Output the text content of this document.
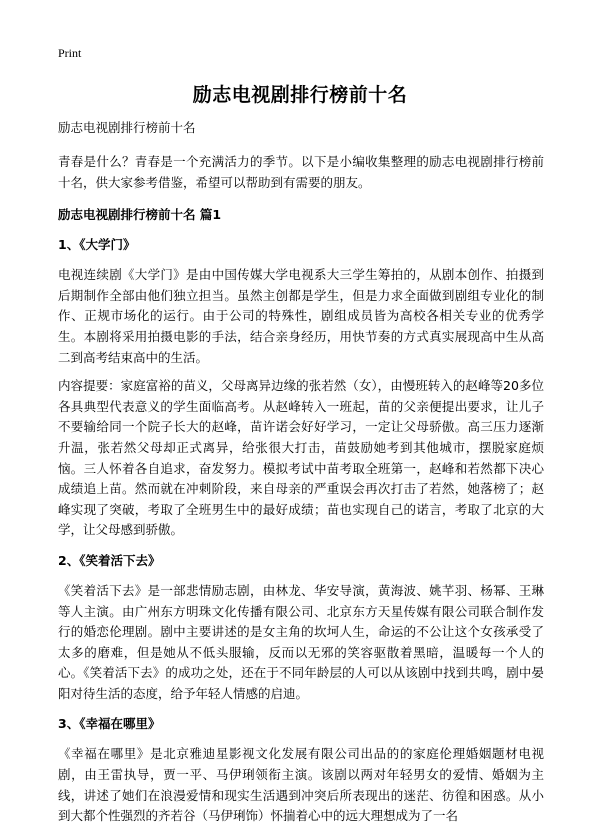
Print
励志电视剧排行榜前十名
励志电视剧排行榜前十名

青春是什么？青春是一个充满活力的季节。以下是小编收集整理的励志电视剧排行榜前十名，供大家参考借鉴，希望可以帮助到有需要的朋友。

励志电视剧排行榜前十名 篇1
1、《大学门》

电视连续剧《大学门》是由中国传媒大学电视系大三学生筹拍的，从剧本创作、拍摄到后期制作全部由他们独立担当。虽然主创都是学生，但是力求全面做到剧组专业化的制作、正规市场化的运行。由于公司的特殊性，剧组成员皆为高校各相关专业的优秀学生。本剧将采用拍摄电影的手法，结合亲身经历，用快节奏的方式真实展现高中生从高二到高考结束高中的生活。

内容提要：家庭富裕的苗义，父母离异边缘的张若然（女），由慢班转入的赵峰等20多位各具典型代表意义的学生面临高考。从赵峰转入一班起，苗的父亲便提出要求，让儿子不要输给同一个院子长大的赵峰，苗许诺会好好学习，一定让父母骄傲。高三压力逐渐升温，张若然父母却正式离异，给张很大打击，苗鼓励她考到其他城市，摆脱家庭烦恼。三人怀着各自追求，奋发努力。模拟考试中苗考取全班第一，赵峰和若然都下决心成绩追上苗。然而就在冲刺阶段，来自母亲的严重误会再次打击了若然，她落榜了；赵峰实现了突破，考取了全班男生中的最好成绩；苗也实现自己的诺言，考取了北京的大学，让父母感到骄傲。

2、《笑着活下去》

《笑着活下去》是一部悲情励志剧，由林龙、华安导演，黄海波、姚芊羽、杨幂、王琳等人主演。由广州东方明珠文化传播有限公司、北京东方天星传媒有限公司联合制作发行的婚恋伦理剧。剧中主要讲述的是女主角的坎坷人生，命运的不公让这个女孩承受了太多的磨难，但是她从不低头服输，反而以无邪的笑容驱散着黑暗，温暖每一个人的心。《笑着活下去》的成功之处，还在于不同年龄层的人可以从该剧中找到共鸣，剧中晏阳对待生活的态度，给予年轻人情感的启迪。

3、《幸福在哪里》

《幸福在哪里》是北京雅迪星影视文化发展有限公司出品的的家庭伦理婚姻题材电视剧，由王雷执导，贾一平、马伊琍领衔主演。该剧以两对年轻男女的爱情、婚姻为主线，讲述了她们在浪漫爱情和现实生活遇到冲突后所表现出的迷茫、彷徨和困惑。从小到大都个性强烈的齐若谷（马伊琍饰）怀揣着心中的远大理想成为了一名
